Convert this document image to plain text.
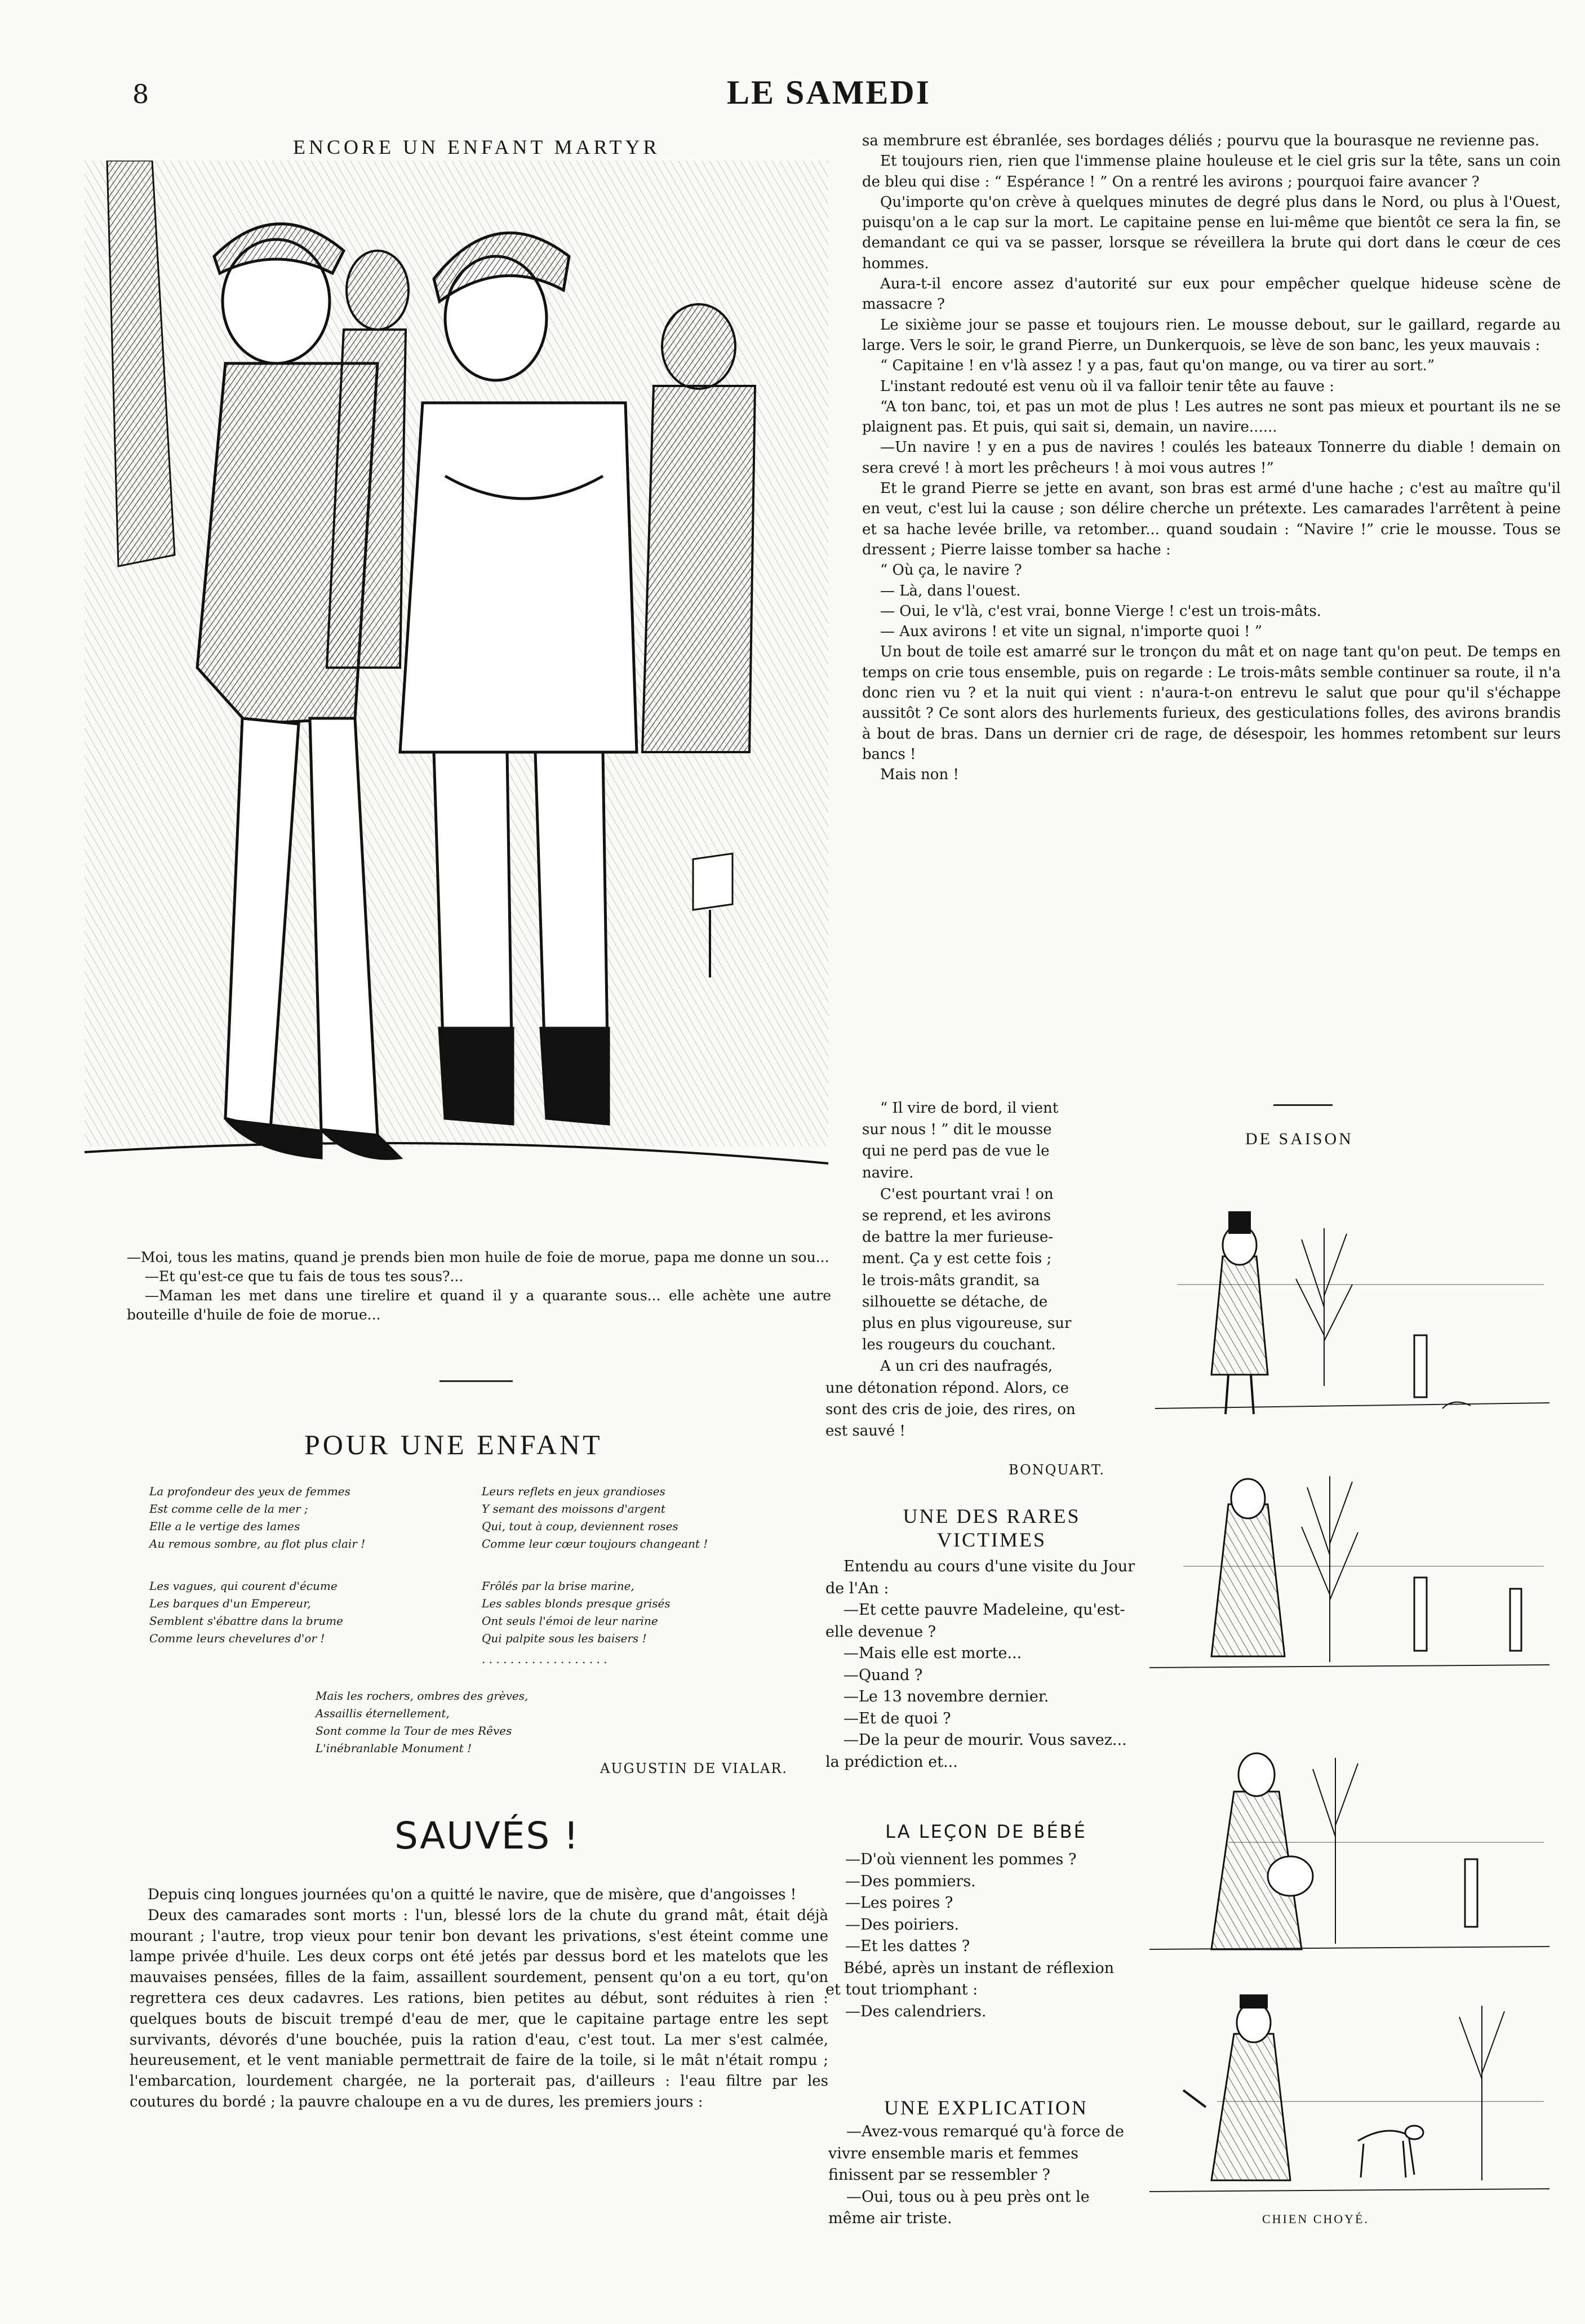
8	LE SAMEDI
ENCORE UN ENFANT MARTYR
—Moi, tous les matins, quand je prends bien mon huile de foie de morue, papa me donne un sou...
—Et qu'est-ce que tu fais de tous tes sous?...
—Maman les met dans une tirelire et quand il y a quarante sous... elle achète une autre bouteille d'huile de foie de morue...
POUR UNE ENFANT
La profondeur des yeux de femmes
Est comme celle de la mer ;
Elle a le vertige des lames
Au remous sombre, au flot plus clair !
Les vagues, qui courent d'écume
Les barques d'un Empereur,
Semblent s'ébattre dans la brume
Comme leurs chevelures d'or !
Leurs reflets en jeux grandioses
Y semant des moissons d'argent
Qui, tout à coup, deviennent roses
Comme leur cœur toujours changeant !
Frôlés par la brise marine,
Les sables blonds presque grisés
Ont seuls l'émoi de leur narine
Qui palpite sous les baisers !
. . . . . . . . . . . . . . . . . .
Mais les rochers, ombres des grèves,
Assaillis éternellement,
Sont comme la Tour de mes Rêves
L'inébranlable Monument !
AUGUSTIN DE VIALAR.
SAUVÉS !

Depuis cinq longues journées qu'on a quitté le navire, que de misère, que d'angoisses !

Deux des camarades sont morts : l'un, blessé lors de la chute du grand mât, était déjà mourant ; l'autre, trop vieux pour tenir bon devant les privations, s'est éteint comme une lampe privée d'huile. Les deux corps ont été jetés par dessus bord et les matelots que les mauvaises pensées, filles de la faim, assaillent sourdement, pensent qu'on a eu tort, qu'on regrettera ces deux cadavres. Les rations, bien petites au début, sont réduites à rien : quelques bouts de biscuit trempé d'eau de mer, que le capitaine partage entre les sept survivants, dévorés d'une bouchée, puis la ration d'eau, c'est tout. La mer s'est calmée, heureusement, et le vent maniable permettrait de faire de la toile, si le mât n'était rompu ; l'embarcation, lourdement chargée, ne la porterait pas, d'ailleurs : l'eau filtre par les coutures du bordé ; la pauvre chaloupe en a vu de dures, les premiers jours :

sa membrure est ébranlée, ses bordages déliés ; pourvu que la bourasque ne revienne pas.

Et toujours rien, rien que l'immense plaine houleuse et le ciel gris sur la tête, sans un coin de bleu qui dise : “ Espérance ! ” On a rentré les avirons ; pourquoi faire avancer ?

Qu'importe qu'on crève à quelques minutes de degré plus dans le Nord, ou plus à l'Ouest, puisqu'on a le cap sur la mort. Le capitaine pense en lui-même que bientôt ce sera la fin, se demandant ce qui va se passer, lorsque se réveillera la brute qui dort dans le cœur de ces hommes.

Aura-t-il encore assez d'autorité sur eux pour empêcher quelque hideuse scène de massacre ?

Le sixième jour se passe et toujours rien. Le mousse debout, sur le gaillard, regarde au large. Vers le soir, le grand Pierre, un Dunkerquois, se lève de son banc, les yeux mauvais :

“ Capitaine ! en v'là assez ! y a pas, faut qu'on mange, ou va tirer au sort.”

L'instant redouté est venu où il va falloir tenir tête au fauve :

“A ton banc, toi, et pas un mot de plus ! Les autres ne sont pas mieux et pourtant ils ne se plaignent pas. Et puis, qui sait si, demain, un navire......

—Un navire ! y en a pus de navires ! coulés les bateaux Tonnerre du diable ! demain on sera crevé ! à mort les prêcheurs ! à moi vous autres !”

Et le grand Pierre se jette en avant, son bras est armé d'une hache ; c'est au maître qu'il en veut, c'est lui la cause ; son délire cherche un prétexte. Les camarades l'arrêtent à peine et sa hache levée brille, va retomber... quand soudain : “Navire !” crie le mousse. Tous se dressent ; Pierre laisse tomber sa hache :

“ Où ça, le navire ?

— Là, dans l'ouest.

— Oui, le v'là, c'est vrai, bonne Vierge ! c'est un trois-mâts.

— Aux avirons ! et vite un signal, n'importe quoi ! ”

Un bout de toile est amarré sur le tronçon du mât et on nage tant qu'on peut. De temps en temps on crie tous ensemble, puis on regarde : Le trois-mâts semble continuer sa route, il n'a donc rien vu ? et la nuit qui vient : n'aura-t-on entrevu le salut que pour qu'il s'échappe aussitôt ? Ce sont alors des hurlements furieux, des gesticulations folles, des avirons brandis à bout de bras. Dans un dernier cri de rage, de désespoir, les hommes retombent sur leurs bancs !

Mais non !

“ Il vire de bord, il vient
sur nous ! ” dit le mousse
qui ne perd pas de vue le
navire.
C'est pourtant vrai ! on
se reprend, et les avirons
de battre la mer furieuse-
ment. Ça y est cette fois ;
le trois-mâts grandit, sa
silhouette se détache, de
plus en plus vigoureuse, sur
les rougeurs du couchant.
A un cri des naufragés,
une détonation répond. Alors, ce
sont des cris de joie, des rires, on
est sauvé !
BONQUART.
UNE DES RARES
VICTIMES

Entendu au cours d'une visite du Jour de l'An :

—Et cette pauvre Madeleine, qu'est-elle devenue ?

—Mais elle est morte...

—Quand ?

—Le 13 novembre dernier.

—Et de quoi ?

—De la peur de mourir. Vous savez... la prédiction et...

LA LEÇON DE BÉBÉ

—D'où viennent les pommes ?

—Des pommiers.

—Les poires ?

—Des poiriers.

—Et les dattes ?

Bébé, après un instant de réflexion et tout triomphant :

—Des calendriers.

UNE EXPLICATION

—Avez-vous remarqué qu'à force de vivre ensemble maris et femmes finissent par se ressembler ?

—Oui, tous ou à peu près ont le même air triste.

DE SAISON
CHIEN CHOYÉ.
